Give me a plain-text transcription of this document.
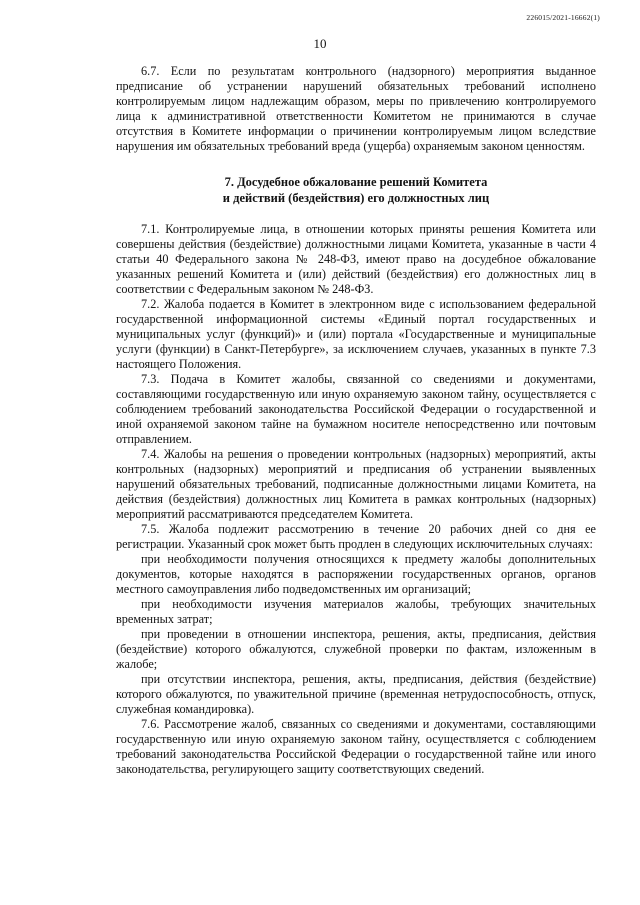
226015/2021-16662(1)
10

6.7. Если по результатам контрольного (надзорного) мероприятия выданное предписание об устранении нарушений обязательных требований исполнено контролируемым лицом надлежащим образом, меры по привлечению контролируемого лица к административной ответственности Комитетом не принимаются в случае отсутствия в Комитете информации о причинении контролируемым лицом вследствие нарушения им обязательных требований вреда (ущерба) охраняемым законом ценностям.

7. Досудебное обжалование решений Комитета
и действий (бездействия) его должностных лиц

7.1. Контролируемые лица, в отношении которых приняты решения Комитета или совершены действия (бездействие) должностными лицами Комитета, указанные в части 4 статьи 40 Федерального закона № 248-ФЗ, имеют право на досудебное обжалование указанных решений Комитета и (или) действий (бездействия) его должностных лиц в соответствии с Федеральным законом № 248-ФЗ.

7.2. Жалоба подается в Комитет в электронном виде с использованием федеральной государственной информационной системы «Единый портал государственных и муниципальных услуг (функций)» и (или) портала «Государственные и муниципальные услуги (функции) в Санкт-Петербурге», за исключением случаев, указанных в пункте 7.3 настоящего Положения.

7.3. Подача в Комитет жалобы, связанной со сведениями и документами, составляющими государственную или иную охраняемую законом тайну, осуществляется с соблюдением требований законодательства Российской Федерации о государственной и иной охраняемой законом тайне на бумажном носителе непосредственно или почтовым отправлением.

7.4. Жалобы на решения о проведении контрольных (надзорных) мероприятий, акты контрольных (надзорных) мероприятий и предписания об устранении выявленных нарушений обязательных требований, подписанные должностными лицами Комитета, на действия (бездействия) должностных лиц Комитета в рамках контрольных (надзорных) мероприятий рассматриваются председателем Комитета.

7.5. Жалоба подлежит рассмотрению в течение 20 рабочих дней со дня ее регистрации. Указанный срок может быть продлен в следующих исключительных случаях:

при необходимости получения относящихся к предмету жалобы дополнительных документов, которые находятся в распоряжении государственных органов, органов местного самоуправления либо подведомственных им организаций;

при необходимости изучения материалов жалобы, требующих значительных временных затрат;

при проведении в отношении инспектора, решения, акты, предписания, действия (бездействие) которого обжалуются, служебной проверки по фактам, изложенным в жалобе;

при отсутствии инспектора, решения, акты, предписания, действия (бездействие) которого обжалуются, по уважительной причине (временная нетрудоспособность, отпуск, служебная командировка).

7.6. Рассмотрение жалоб, связанных со сведениями и документами, составляющими государственную или иную охраняемую законом тайну, осуществляется с соблюдением требований законодательства Российской Федерации о государственной тайне или иного законодательства, регулирующего защиту соответствующих сведений.
